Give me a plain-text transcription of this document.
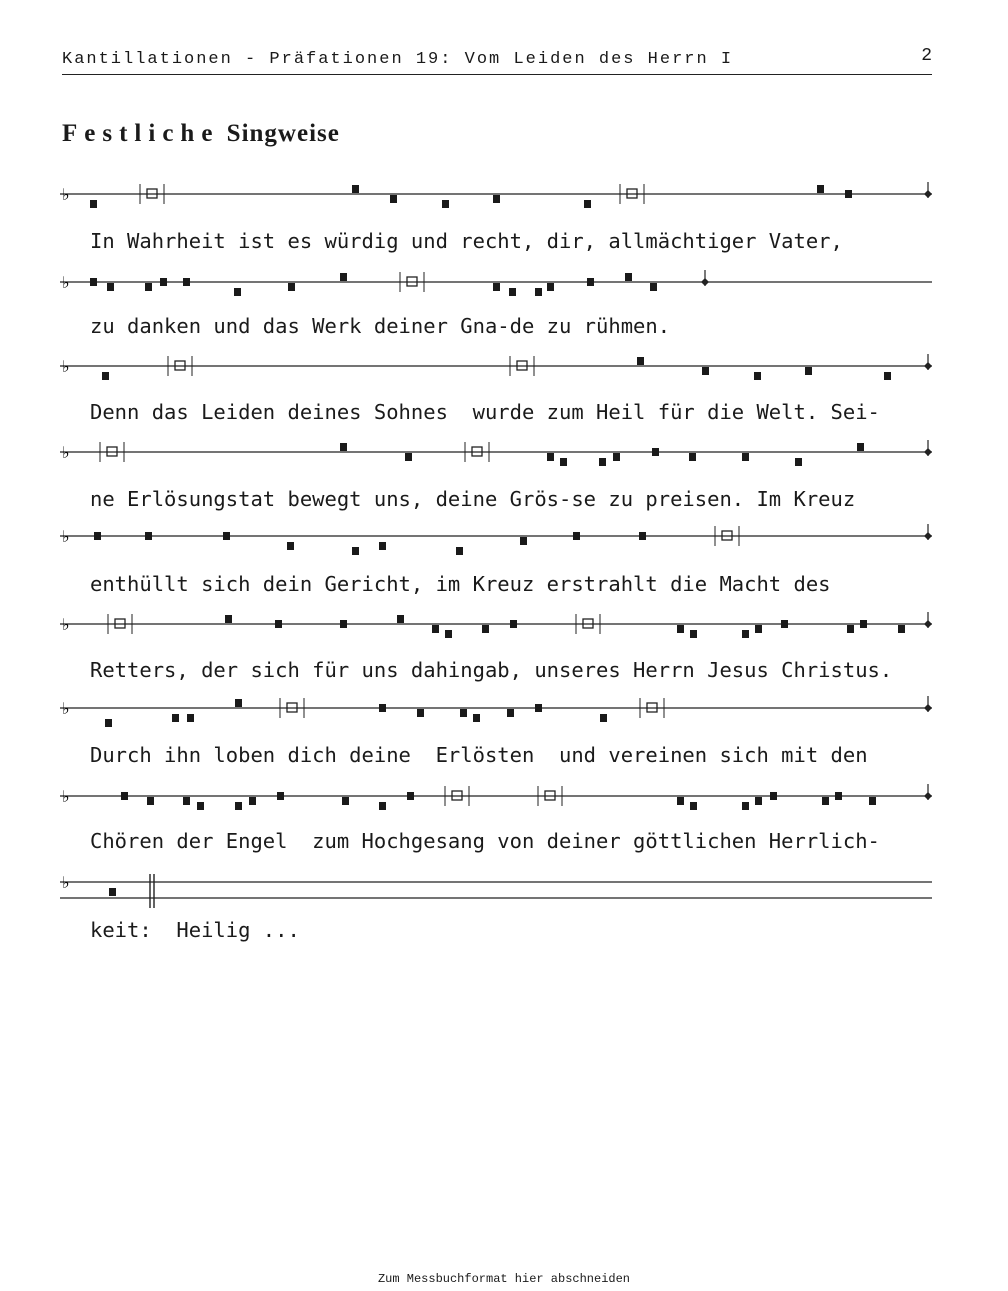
Kantillationen - Präfationen 19: Vom Leiden des Herrn I	2
Festliche Singweise
♭
In Wahrheit ist es würdig und recht, dir, allmächtiger Vater,
♭
zu danken und das Werk deiner Gna-de zu rühmen.
♭
Denn das Leiden deines Sohnes  wurde zum Heil für die Welt. Sei-
♭
ne Erlösungstat bewegt uns, deine Grös-se zu preisen. Im Kreuz
♭
enthüllt sich dein Gericht, im Kreuz erstrahlt die Macht des
♭
Retters, der sich für uns dahingab, unseres Herrn Jesus Christus.
♭
Durch ihn loben dich deine  Erlösten  und vereinen sich mit den
♭
Chören der Engel  zum Hochgesang von deiner göttlichen Herrlich-
♭
keit:  Heilig ...
Zum Messbuchformat hier abschneiden
